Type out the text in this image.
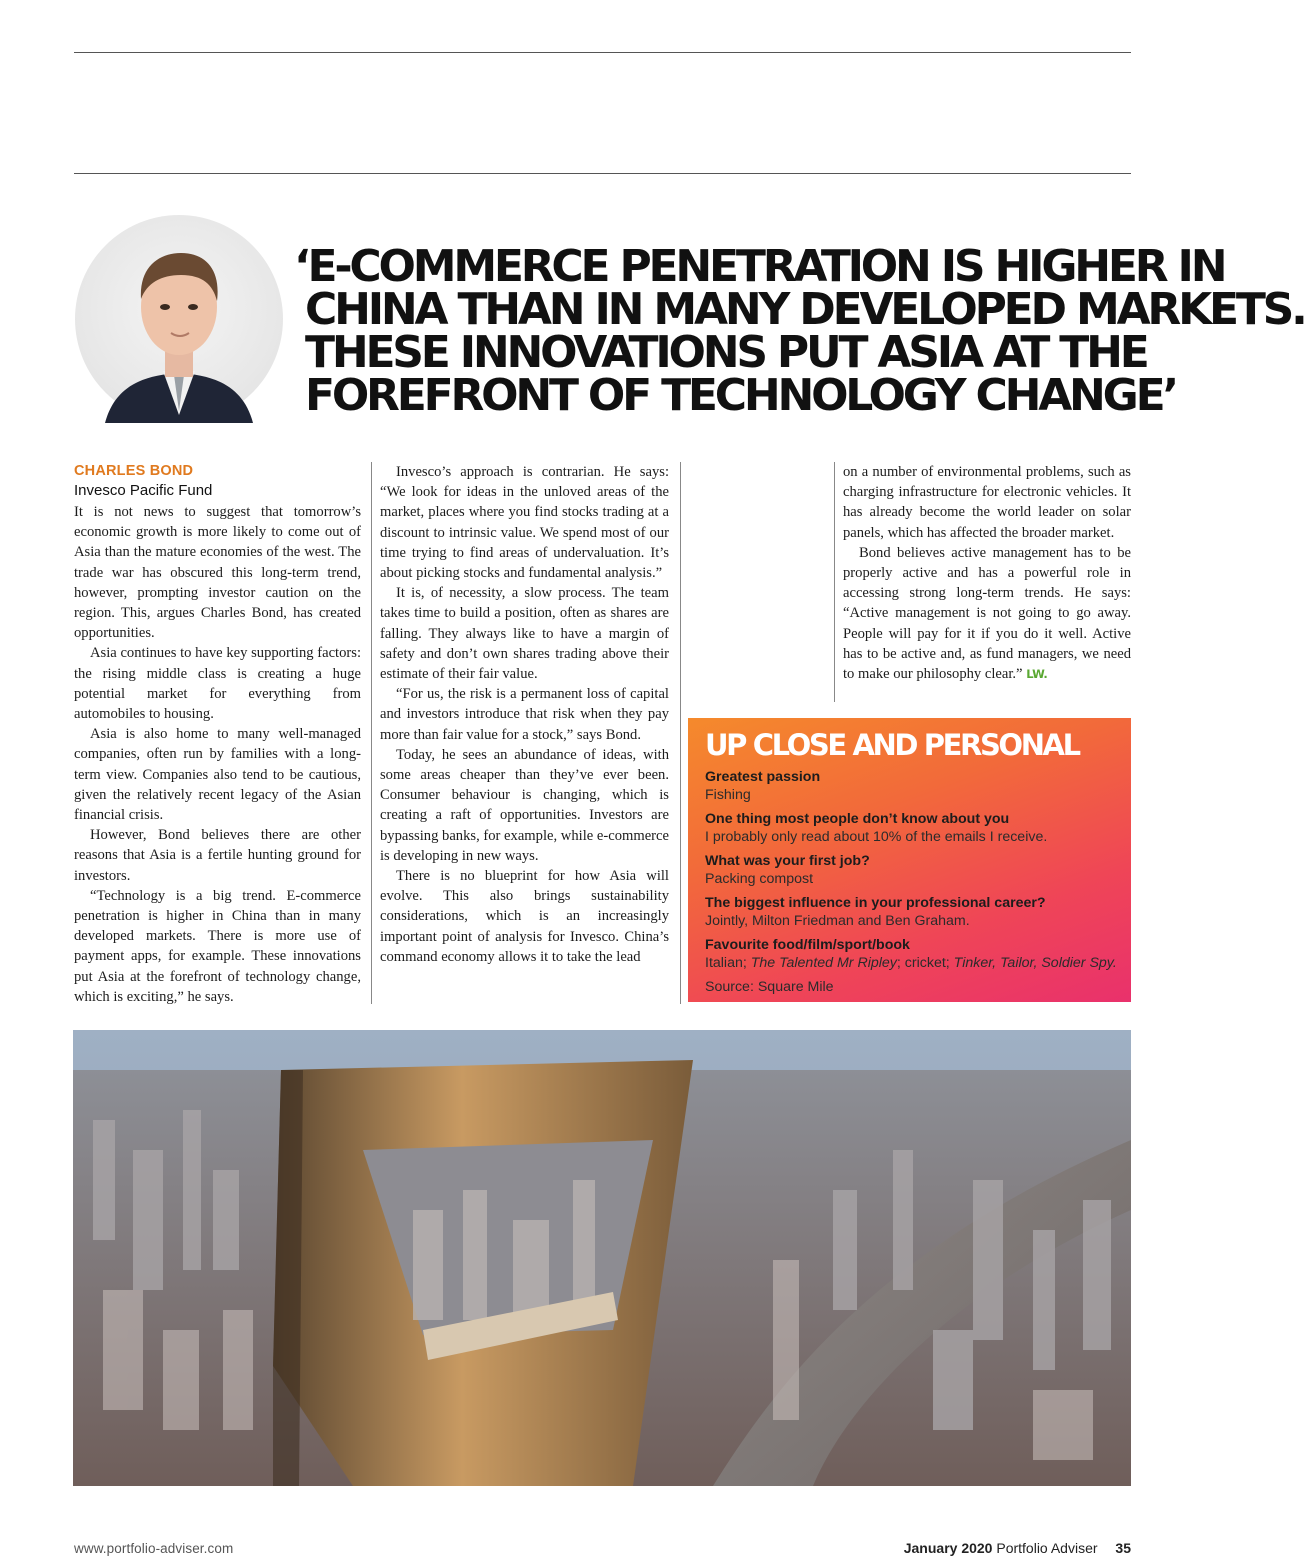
‘E-COMMERCE PENETRATION IS HIGHER IN
CHINA THAN IN MANY DEVELOPED MARKETS.
THESE INNOVATIONS PUT ASIA AT THE
FOREFRONT OF TECHNOLOGY CHANGE’
CHARLES BOND
Invesco Pacific Fund

It is not news to suggest that tomorrow’s economic growth is more likely to come out of Asia than the mature economies of the west. The trade war has obscured this long-term trend, however, prompting investor caution on the region. This, argues Charles Bond, has created opportunities.

Asia continues to have key supporting factors: the rising middle class is creating a huge potential market for everything from automobiles to housing.

Asia is also home to many well-managed companies, often run by families with a long-term view. Companies also tend to be cautious, given the relatively recent legacy of the Asian financial crisis.

However, Bond believes there are other reasons that Asia is a fertile hunting ground for investors.

“Technology is a big trend. E-commerce penetration is higher in China than in many developed markets. There is more use of payment apps, for example. These innovations put Asia at the forefront of technology change, which is exciting,” he says.

Invesco’s approach is contrarian. He says: “We look for ideas in the unloved areas of the market, places where you find stocks trading at a discount to intrinsic value. We spend most of our time trying to find areas of undervaluation. It’s about picking stocks and fundamental analysis.”

It is, of necessity, a slow process. The team takes time to build a position, often as shares are falling. They always like to have a margin of safety and don’t own shares trading above their estimate of their fair value.

“For us, the risk is a permanent loss of capital and investors introduce that risk when they pay more than fair value for a stock,” says Bond.

Today, he sees an abundance of ideas, with some areas cheaper than they’ve ever been. Consumer behaviour is changing, which is creating a raft of opportunities. Investors are bypassing banks, for example, while e-commerce is developing in new ways.

There is no blueprint for how Asia will evolve. This also brings sustainability considerations, which is an increasingly important point of analysis for Invesco. China’s command economy allows it to take the lead

on a number of environmental problems, such as charging infrastructure for electronic vehicles. It has already become the world leader on solar panels, which has affected the broader market.

Bond believes active management has to be properly active and has a powerful role in accessing strong long-term trends. He says: “Active management is not going to go away. People will pay for it if you do it well. Active has to be active and, as fund managers, we need to make our philosophy clear.” LW.

UP CLOSE AND PERSONAL
Greatest passion
Fishing
One thing most people don’t know about you
I probably only read about 10% of the emails I receive.
What was your first job?
Packing compost
The biggest influence in your professional career?
Jointly, Milton Friedman and Ben Graham.
Favourite food/film/sport/book
Italian; The Talented Mr Ripley; cricket; Tinker, Tailor, Soldier Spy.
Source: Square Mile
www.portfolio-adviser.com	January 2020 Portfolio Adviser 35
